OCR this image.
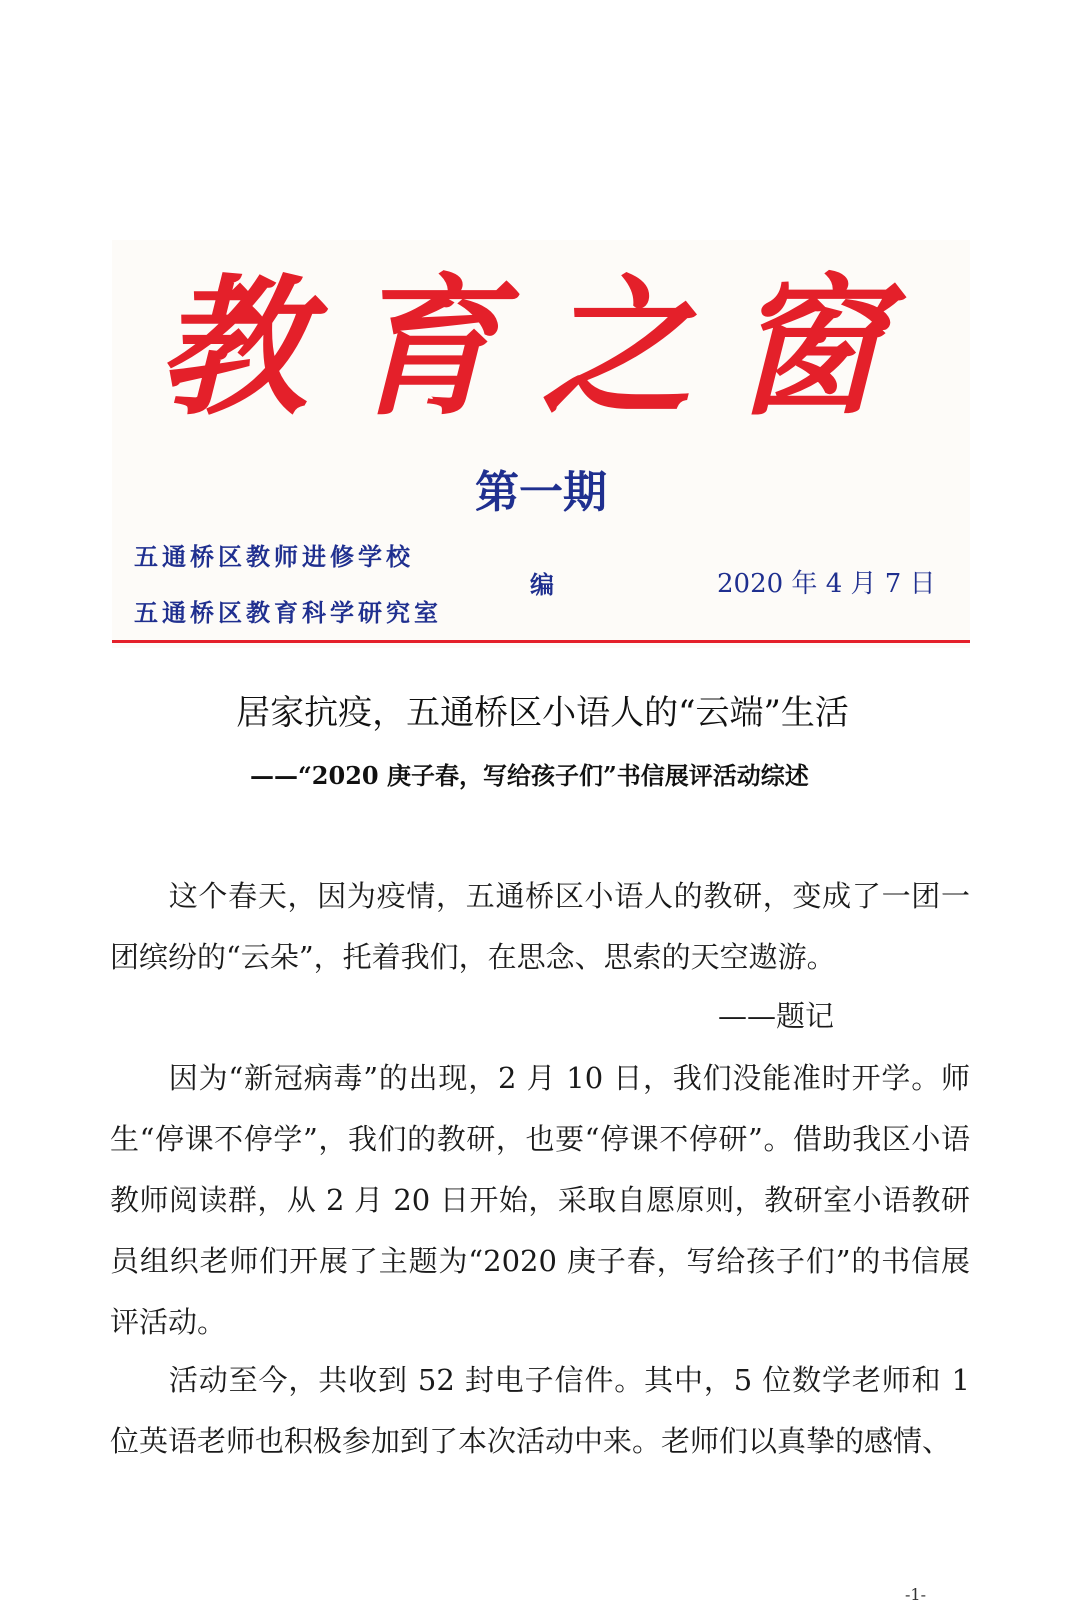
教育之窗
第一期
五通桥区教师进修学校
五通桥区教育科学研究室
编	2020 年 4 月 7 日
居家抗疫，五通桥区小语人的“云端”生活
——“2020 庚子春，写给孩子们”书信展评活动综述
这个春天，因为疫情，五通桥区小语人的教研，变成了一团一团缤纷的“云朵”，托着我们，在思念、思索的天空遨游。
——题记
因为“新冠病毒”的出现，2 月 10 日，我们没能准时开学。师生“停课不停学”，我们的教研，也要“停课不停研”。借助我区小语教师阅读群，从 2 月 20 日开始，采取自愿原则，教研室小语教研员组织老师们开展了主题为“2020 庚子春，写给孩子们”的书信展评活动。
活动至今，共收到 52 封电子信件。其中，5 位数学老师和 1 位英语老师也积极参加到了本次活动中来。老师们以真挚的感情、
-1-
